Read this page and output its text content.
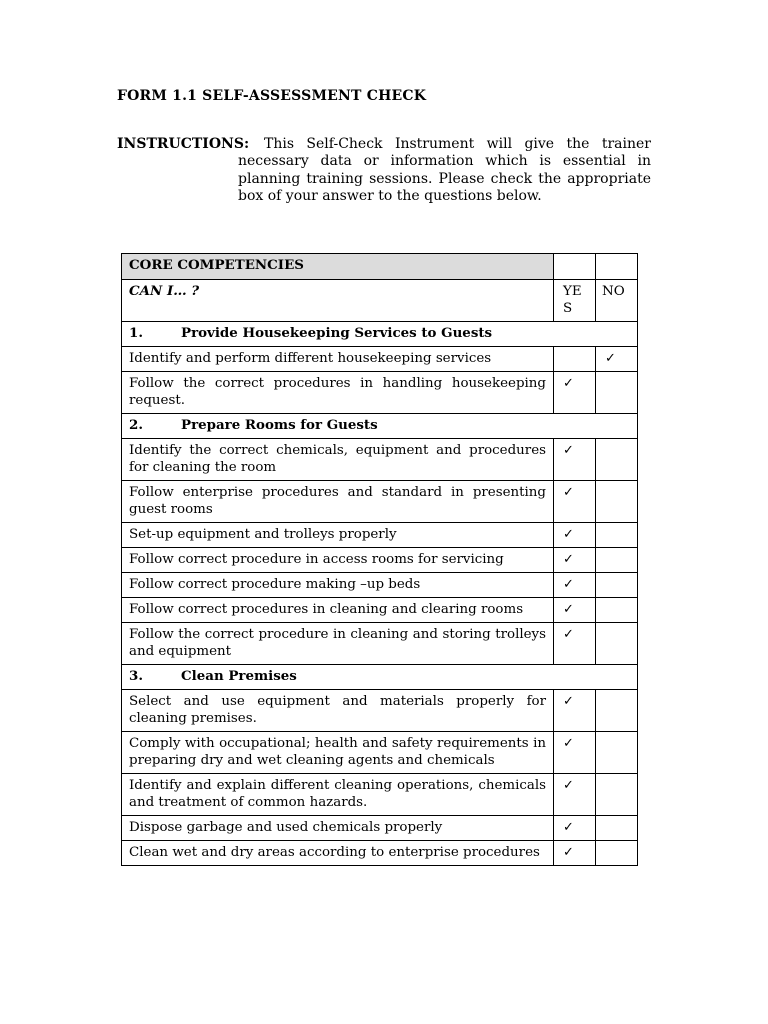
FORM 1.1 SELF-ASSESSMENT CHECK
INSTRUCTIONS:	This Self-Check Instrument will give the trainer necessary data or information which is essential in planning training sessions. Please check the appropriate box of your answer to the questions below.
CORE COMPETENCIES		
CAN I… ?	YE S	NO
1. Provide Housekeeping Services to Guests		
Identify and perform different housekeeping services		✓
Follow the correct procedures in handling housekeeping request.	✓	
2. Prepare Rooms for Guests		
Identify the correct chemicals, equipment and procedures for cleaning the room	✓	
Follow enterprise procedures and standard in presenting guest rooms	✓	
Set-up equipment and trolleys properly	✓	
Follow correct procedure in access rooms for servicing	✓	
Follow correct procedure making –up beds	✓	
Follow correct procedures in cleaning and clearing rooms	✓	
Follow the correct procedure in cleaning and storing trolleys and equipment	✓	
3. Clean Premises		
Select and use equipment and materials properly for cleaning premises.	✓	
Comply with occupational; health and safety requirements in preparing dry and wet cleaning agents and chemicals	✓	
Identify and explain different cleaning operations, chemicals and treatment of common hazards.	✓	
Dispose garbage and used chemicals properly	✓	
Clean wet and dry areas according to enterprise procedures	✓	
